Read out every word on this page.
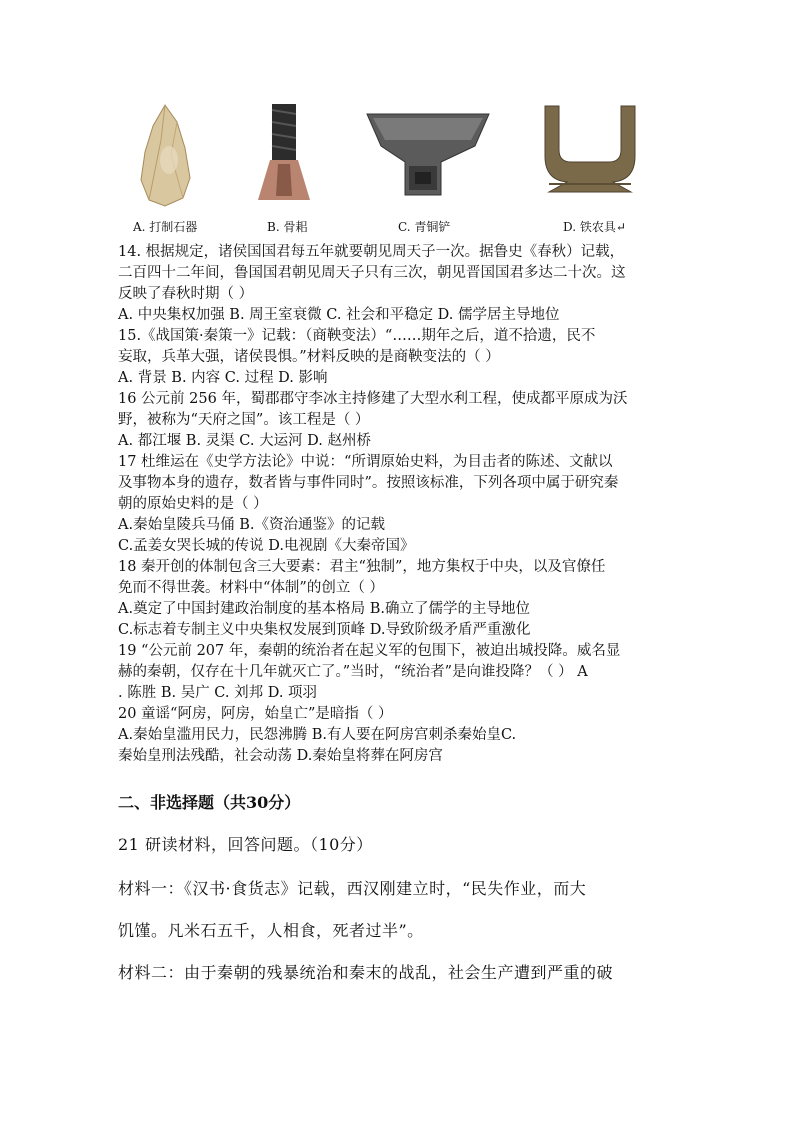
A. 打制石器	B. 骨耜	C. 青铜铲	D. 铁农具↵
14. 根据规定，诸侯国国君每五年就要朝见周天子一次。据鲁史《春秋）记载，
二百四十二年间，鲁国国君朝见周天子只有三次，朝见晋国国君多达二十次。这
反映了春秋时期（ ）
A. 中央集权加强 B. 周王室衰微 C. 社会和平稳定 D. 儒学居主导地位
15.《战国策·秦策一》记载：（商鞅变法）“……期年之后，道不拾遗，民不
妄取，兵革大强，诸侯畏惧。”材料反映的是商鞅变法的（ ）
A. 背景 B. 内容 C. 过程 D. 影响
16 公元前 256 年，蜀郡郡守李冰主持修建了大型水利工程，使成都平原成为沃
野，被称为“天府之国”。该工程是（ ）
A. 都江堰 B. 灵渠 C. 大运河 D. 赵州桥
17 杜维运在《史学方法论》中说：“所谓原始史料，为目击者的陈述、文献以
及事物本身的遗存，数者皆与事件同时”。按照该标准，下列各项中属于研究秦
朝的原始史料的是（ ）
A.秦始皇陵兵马俑 B.《资治通鉴》的记载
C.孟姜女哭长城的传说 D.电视剧《大秦帝国》
18 秦开创的体制包含三大要素：君主“独制”，地方集权于中央，以及官僚任
免而不得世袭。材料中“体制”的创立（ ）
A.奠定了中国封建政治制度的基本格局 B.确立了儒学的主导地位
C.标志着专制主义中央集权发展到顶峰 D.导致阶级矛盾严重激化
19 “公元前 207 年，秦朝的统治者在起义军的包围下，被迫出城投降。威名显
赫的秦朝，仅存在十几年就灭亡了。”当时，“统治者”是向谁投降？（ ） A
. 陈胜 B. 吴广 C. 刘邦 D. 项羽
20 童谣“阿房，阿房，始皇亡”是暗指（ ）
A.秦始皇滥用民力，民怨沸腾 B.有人要在阿房宫刺杀秦始皇C.
秦始皇刑法残酷，社会动荡 D.秦始皇将葬在阿房宫
二、非选择题（共30分）
21 研读材料，回答问题。（10分）
材料一：《汉书·食货志》记载，西汉刚建立时，“民失作业，而大
饥馑。凡米石五千，人相食，死者过半”。
材料二：由于秦朝的残暴统治和秦末的战乱，社会生产遭到严重的破
